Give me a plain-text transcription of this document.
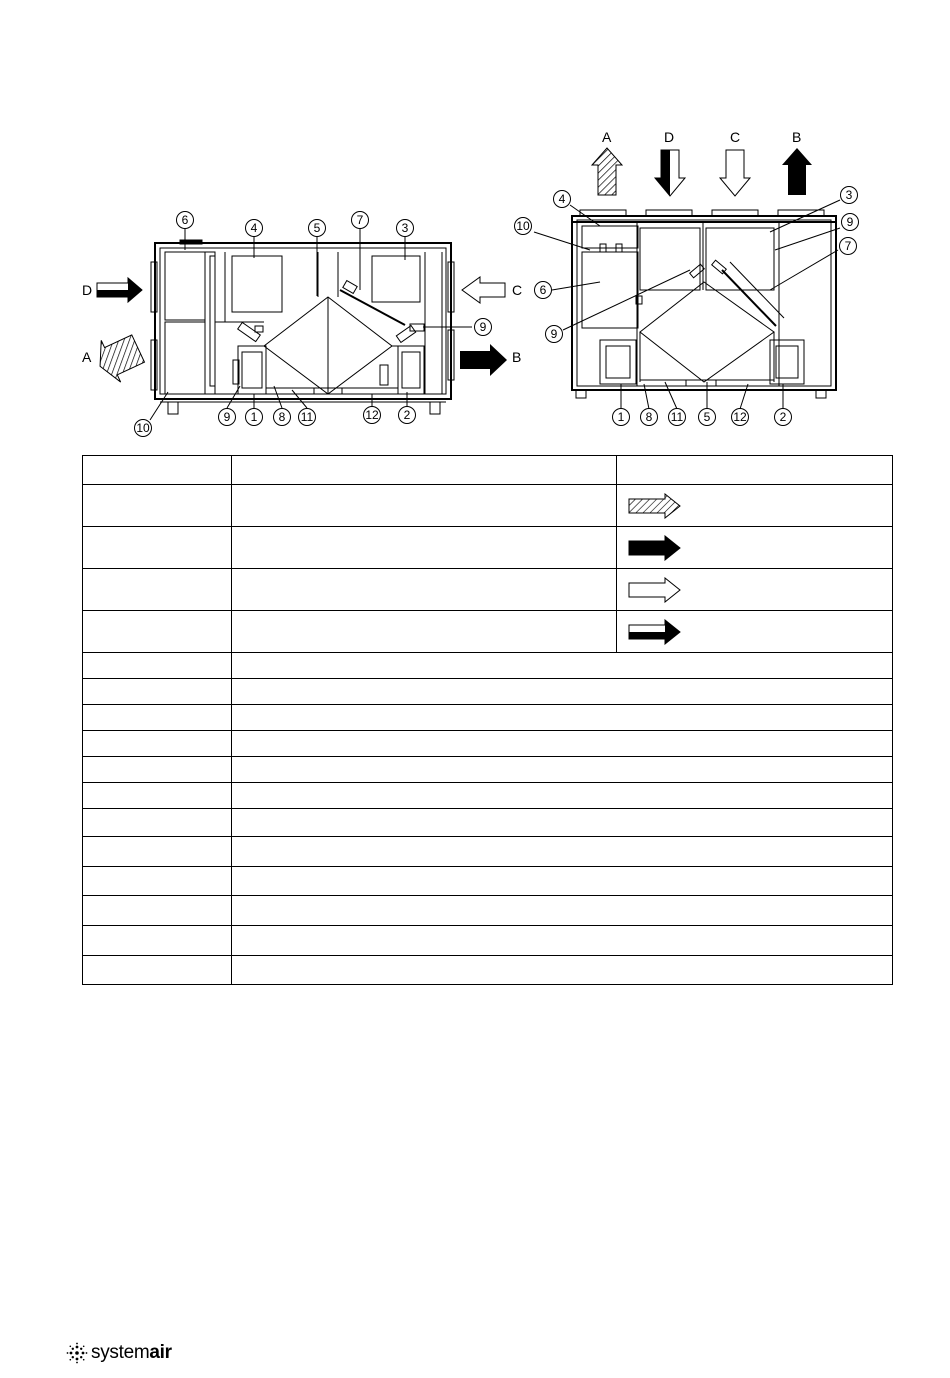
D
A
C
B
6
4	5
7
3
9
10
9 1 8 11	12 2
A	D	C	B
4	3
10	9
7
6
9
1 8 11 5 12	2

systemair
